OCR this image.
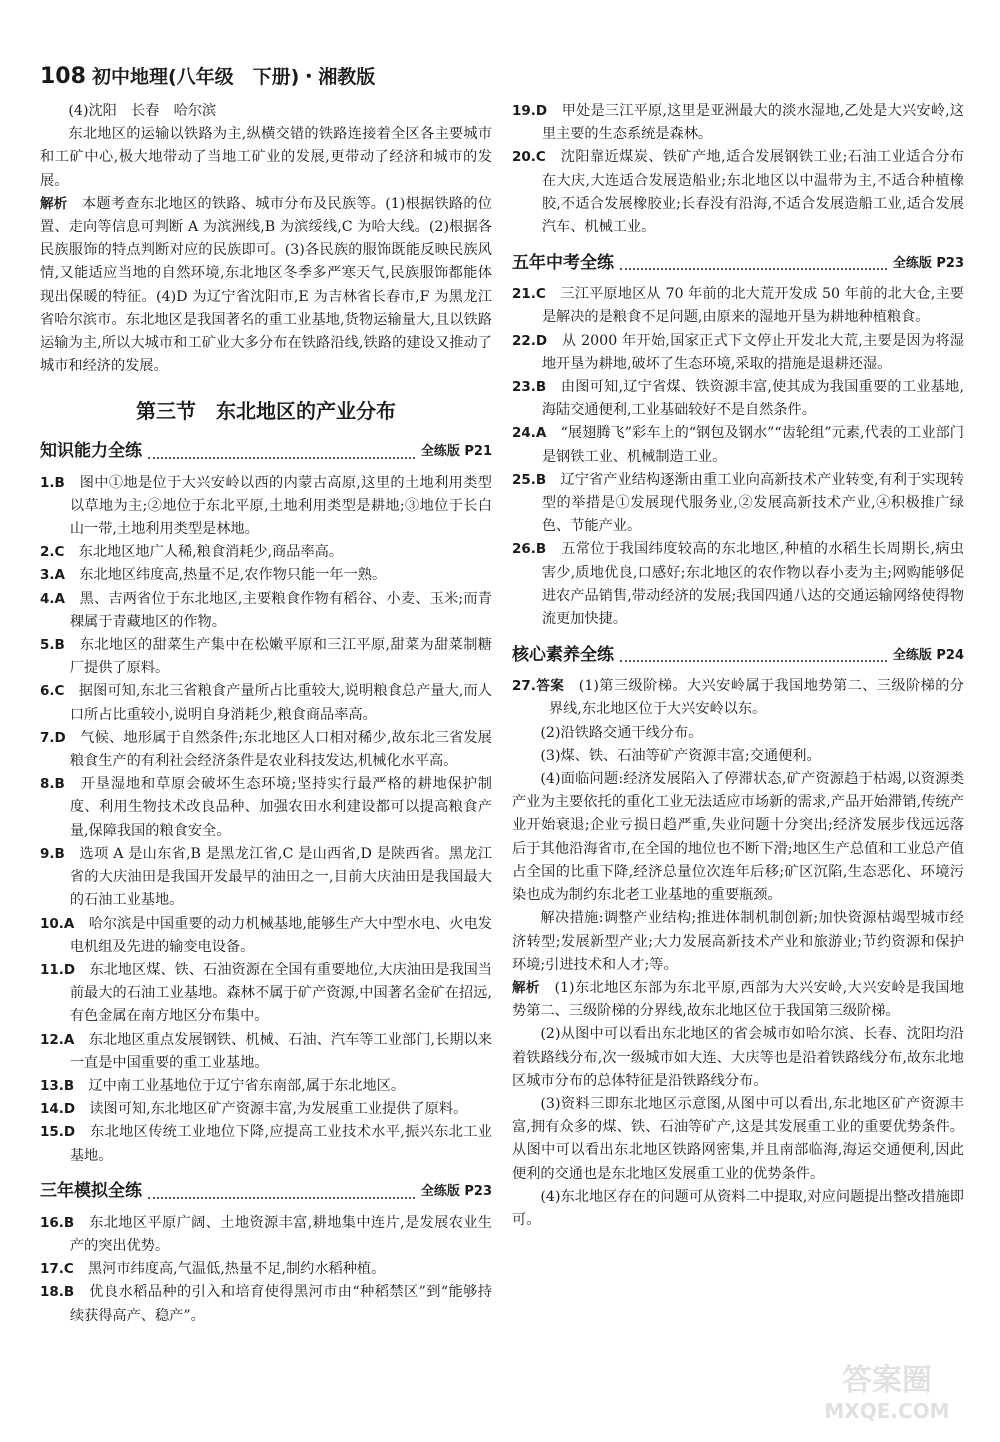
108 初中地理(八年级　下册)・湘教版

(4)沈阳　长春　哈尔滨

东北地区的运输以铁路为主,纵横交错的铁路连接着全区各主要城市和工矿中心,极大地带动了当地工矿业的发展,更带动了经济和城市的发展。

解析　 本题考查东北地区的铁路、城市分布及民族等。(1)根据铁路的位置、走向等信息可判断 A 为滨洲线,B 为滨绥线,C 为哈大线。(2)根据各民族服饰的特点判断对应的民族即可。(3)各民族的服饰既能反映民族风情,又能适应当地的自然环境,东北地区冬季多严寒天气,民族服饰都能体现出保暖的特征。(4)D 为辽宁省沈阳市,E 为吉林省长春市,F 为黑龙江省哈尔滨市。东北地区是我国著名的重工业基地,货物运输量大,且以铁路运输为主,所以大城市和工矿业大多分布在铁路沿线,铁路的建设又推动了城市和经济的发展。

第三节　东北地区的产业分布
知识能力全练	全练版 P21

1.B　 图中①地是位于大兴安岭以西的内蒙古高原,这里的土地利用类型以草地为主;②地位于东北平原,土地利用类型是耕地;③地位于长白山一带,土地利用类型是林地。

2.C　 东北地区地广人稀,粮食消耗少,商品率高。

3.A　 东北地区纬度高,热量不足,农作物只能一年一熟。

4.A　 黑、吉两省位于东北地区,主要粮食作物有稻谷、小麦、玉米;而青稞属于青藏地区的作物。

5.B　 东北地区的甜菜生产集中在松嫩平原和三江平原,甜菜为甜菜制糖厂提供了原料。

6.C　 据图可知,东北三省粮食产量所占比重较大,说明粮食总产量大,而人口所占比重较小,说明自身消耗少,粮食商品率高。

7.D　 气候、地形属于自然条件;东北地区人口相对稀少,故东北三省发展粮食生产的有利社会经济条件是农业科技发达,机械化水平高。

8.B　 开垦湿地和草原会破坏生态环境;坚持实行最严格的耕地保护制度、利用生物技术改良品种、加强农田水利建设都可以提高粮食产量,保障我国的粮食安全。

9.B　 选项 A 是山东省,B 是黑龙江省,C 是山西省,D 是陕西省。黑龙江省的大庆油田是我国开发最早的油田之一,目前大庆油田是我国最大的石油工业基地。

10.A　 哈尔滨是中国重要的动力机械基地,能够生产大中型水电、火电发电机组及先进的输变电设备。

11.D　 东北地区煤、铁、石油资源在全国有重要地位,大庆油田是我国当前最大的石油工业基地。森林不属于矿产资源,中国著名金矿在招远,有色金属在南方地区分布集中。

12.A　 东北地区重点发展钢铁、机械、石油、汽车等工业部门,长期以来一直是中国重要的重工业基地。

13.B　 辽中南工业基地位于辽宁省东南部,属于东北地区。

14.D　 读图可知,东北地区矿产资源丰富,为发展重工业提供了原料。

15.D　 东北地区传统工业地位下降,应提高工业技术水平,振兴东北工业基地。

三年模拟全练	全练版 P23

16.B　 东北地区平原广阔、土地资源丰富,耕地集中连片,是发展农业生产的突出优势。

17.C　 黑河市纬度高,气温低,热量不足,制约水稻种植。

18.B　 优良水稻品种的引入和培育使得黑河市由“种稻禁区”到“能够持续获得高产、稳产”。

19.D　 甲处是三江平原,这里是亚洲最大的淡水湿地,乙处是大兴安岭,这里主要的生态系统是森林。

20.C　 沈阳靠近煤炭、铁矿产地,适合发展钢铁工业;石油工业适合分布在大庆,大连适合发展造船业;东北地区以中温带为主,不适合种植橡胶,不适合发展橡胶业;长春没有沿海,不适合发展造船工业,适合发展汽车、机械工业。

五年中考全练	全练版 P23

21.C　 三江平原地区从 70 年前的北大荒开发成 50 年前的北大仓,主要是解决的是粮食不足问题,由原来的湿地开垦为耕地种植粮食。

22.D　 从 2000 年开始,国家正式下文停止开发北大荒,主要是因为将湿地开垦为耕地,破坏了生态环境,采取的措施是退耕还湿。

23.B　 由图可知,辽宁省煤、铁资源丰富,使其成为我国重要的工业基地,海陆交通便利,工业基础较好不是自然条件。

24.A　 “展翅腾飞”彩车上的“钢包及钢水”“齿轮组”元素,代表的工业部门是钢铁工业、机械制造工业。

25.B　 辽宁省产业结构逐渐由重工业向高新技术产业转变,有利于实现转型的举措是①发展现代服务业,②发展高新技术产业,④积极推广绿色、节能产业。

26.B　 五常位于我国纬度较高的东北地区,种植的水稻生长周期长,病虫害少,质地优良,口感好;东北地区的农作物以春小麦为主;网购能够促进农产品销售,带动经济的发展;我国四通八达的交通运输网络使得物流更加快捷。

核心素养全练	全练版 P24

27.答案　 (1)第三级阶梯。大兴安岭属于我国地势第二、三级阶梯的分界线,东北地区位于大兴安岭以东。

(2)沿铁路交通干线分布。

(3)煤、铁、石油等矿产资源丰富;交通便利。

(4)面临问题:经济发展陷入了停滞状态,矿产资源趋于枯竭,以资源类产业为主要依托的重化工业无法适应市场新的需求,产品开始滞销,传统产业开始衰退;企业亏损日趋严重,失业问题十分突出;经济发展步伐远远落后于其他沿海省市,在全国的地位也不断下滑;地区生产总值和工业总产值占全国的比重下降,经济总量位次连年后移;矿区沉陷,生态恶化、环境污染也成为制约东北老工业基地的重要瓶颈。

解决措施:调整产业结构;推进体制机制创新;加快资源枯竭型城市经济转型;发展新型产业;大力发展高新技术产业和旅游业;节约资源和保护环境;引进技术和人才;等。

解析　 (1)东北地区东部为东北平原,西部为大兴安岭,大兴安岭是我国地势第二、三级阶梯的分界线,故东北地区位于我国第三级阶梯。

(2)从图中可以看出东北地区的省会城市如哈尔滨、长春、沈阳均沿着铁路线分布,次一级城市如大连、大庆等也是沿着铁路线分布,故东北地区城市分布的总体特征是沿铁路线分布。

(3)资料三即东北地区示意图,从图中可以看出,东北地区矿产资源丰富,拥有众多的煤、铁、石油等矿产,这是其发展重工业的重要优势条件。从图中可以看出东北地区铁路网密集,并且南部临海,海运交通便利,因此便利的交通也是东北地区发展重工业的优势条件。

(4)东北地区存在的问题可从资料二中提取,对应问题提出整改措施即可。

答案圈
MXQE.COM
